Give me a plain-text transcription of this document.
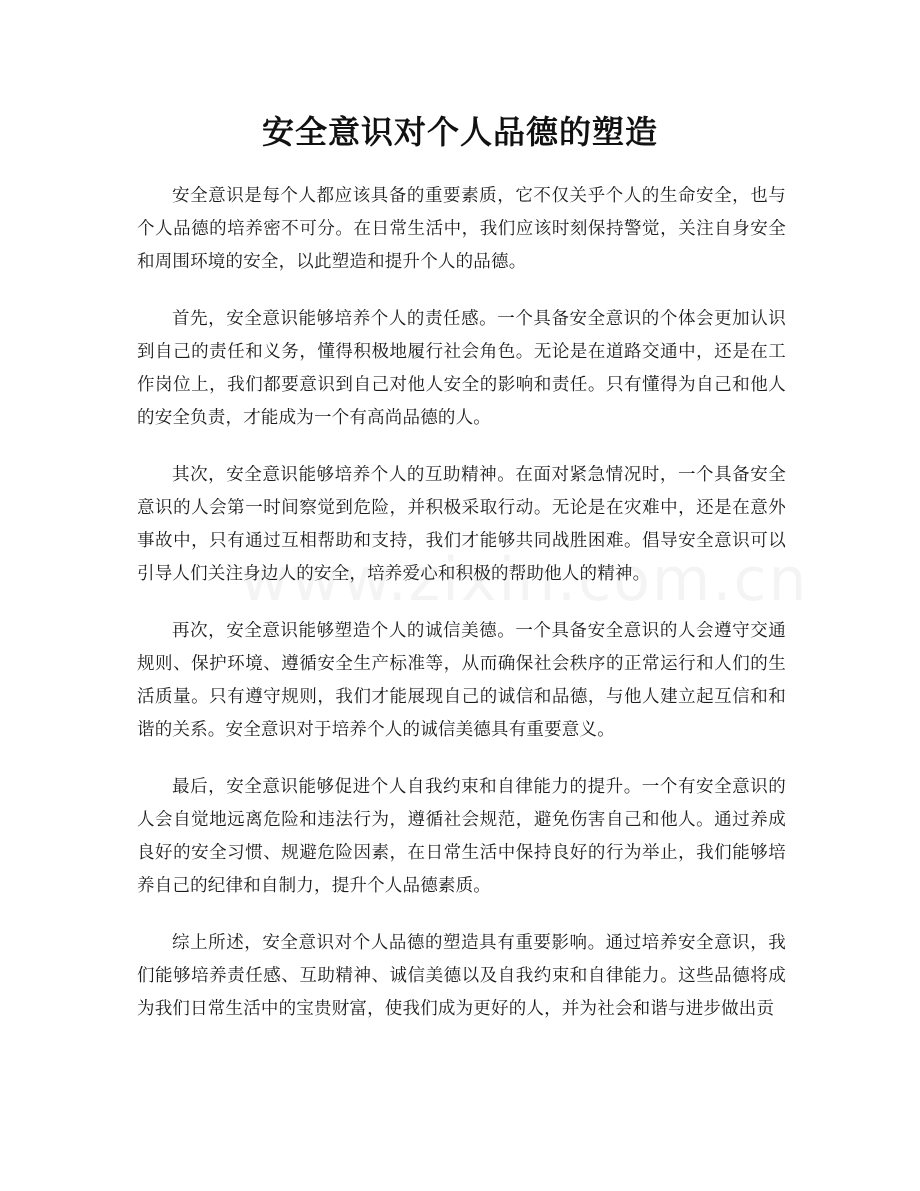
安全意识对个人品德的塑造

安全意识是每个人都应该具备的重要素质，它不仅关乎个人的生命安全，也与个人品德的培养密不可分。在日常生活中，我们应该时刻保持警觉，关注自身安全和周围环境的安全，以此塑造和提升个人的品德。

首先，安全意识能够培养个人的责任感。一个具备安全意识的个体会更加认识到自己的责任和义务，懂得积极地履行社会角色。无论是在道路交通中，还是在工作岗位上，我们都要意识到自己对他人安全的影响和责任。只有懂得为自己和他人的安全负责，才能成为一个有高尚品德的人。

其次，安全意识能够培养个人的互助精神。在面对紧急情况时，一个具备安全意识的人会第一时间察觉到危险，并积极采取行动。无论是在灾难中，还是在意外事故中，只有通过互相帮助和支持，我们才能够共同战胜困难。倡导安全意识可以引导人们关注身边人的安全，培养爱心和积极的帮助他人的精神。

再次，安全意识能够塑造个人的诚信美德。一个具备安全意识的人会遵守交通规则、保护环境、遵循安全生产标准等，从而确保社会秩序的正常运行和人们的生活质量。只有遵守规则，我们才能展现自己的诚信和品德，与他人建立起互信和和谐的关系。安全意识对于培养个人的诚信美德具有重要意义。

最后，安全意识能够促进个人自我约束和自律能力的提升。一个有安全意识的人会自觉地远离危险和违法行为，遵循社会规范，避免伤害自己和他人。通过养成良好的安全习惯、规避危险因素，在日常生活中保持良好的行为举止，我们能够培养自己的纪律和自制力，提升个人品德素质。

综上所述，安全意识对个人品德的塑造具有重要影响。通过培养安全意识，我们能够培养责任感、互助精神、诚信美德以及自我约束和自律能力。这些品德将成为我们日常生活中的宝贵财富，使我们成为更好的人，并为社会和谐与进步做出贡
